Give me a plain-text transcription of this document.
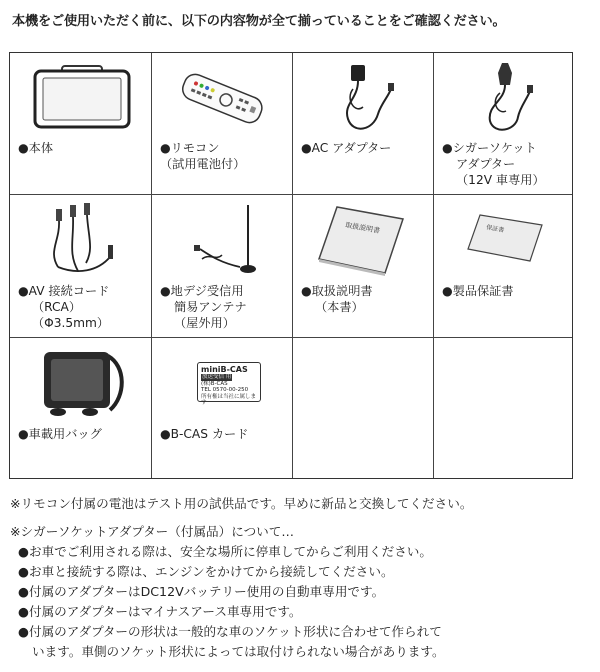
本機をご使用いただく前に、以下の内容物が全て揃っていることをご確認ください。
●本体	●リモコン
（試用電池付）
●AC アダプター	●シガーソケット
アダプター
（12V 車専用）
●AV 接続コード
（RCA）
（Φ3.5mm）
●地デジ受信用
簡易アンテナ
（屋外用）
取扱説明書
●取扱説明書
（本書）
保証書
●製品保証書
●車載用バッグ
miniB-CAS
放送受信 用
(株)B-CAS
TEL 0570-00-250
所有権は当社に属します
●B-CAS カード
※リモコン付属の電池はテスト用の試供品です。早めに新品と交換してください。
※シガーソケットアダプター（付属品）について…
●お車でご利用される際は、安全な場所に停車してからご利用ください。
●お車と接続する際は、エンジンをかけてから接続してください。
●付属のアダプターはDC12Vバッテリー使用の自動車専用です。
●付属のアダプターはマイナスアース車専用です。
●付属のアダプターの形状は一般的な車のソケット形状に合わせて作られて
います。車側のソケット形状によっては取付けられない場合があります。
